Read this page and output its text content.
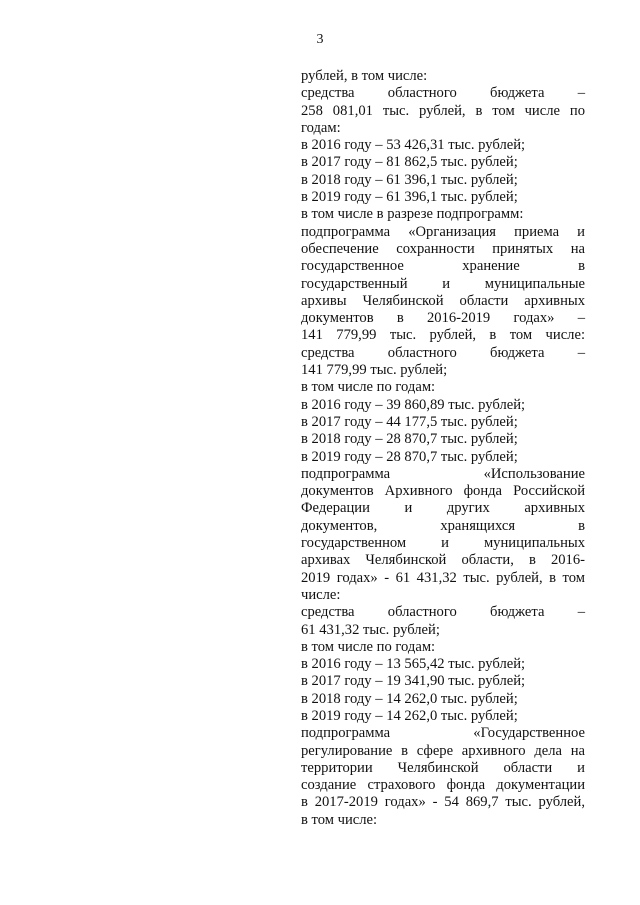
3
рублей, в том числе:
средства областного бюджета –
258 081,01 тыс. рублей, в том числе по
годам:
в 2016 году – 53 426,31 тыс. рублей;
в 2017 году – 81 862,5 тыс. рублей;
в 2018 году – 61 396,1 тыс. рублей;
в 2019 году – 61 396,1 тыс. рублей;
в том числе в разрезе подпрограмм:
подпрограмма «Организация приема и
обеспечение сохранности принятых на
государственное хранение в
государственный и муниципальные
архивы Челябинской области архивных
документов в 2016-2019 годах» –
141 779,99 тыс. рублей, в том числе:
средства областного бюджета –
141 779,99 тыс. рублей;
в том числе по годам:
в 2016 году – 39 860,89 тыс. рублей;
в 2017 году – 44 177,5 тыс. рублей;
в 2018 году – 28 870,7 тыс. рублей;
в 2019 году – 28 870,7 тыс. рублей;
подпрограмма «Использование
документов Архивного фонда Российской
Федерации и других архивных
документов, хранящихся в
государственном и муниципальных
архивах Челябинской области, в 2016-
2019 годах» - 61 431,32 тыс. рублей, в том
числе:
средства областного бюджета –
61 431,32 тыс. рублей;
в том числе по годам:
в 2016 году – 13 565,42 тыс. рублей;
в 2017 году – 19 341,90 тыс. рублей;
в 2018 году – 14 262,0 тыс. рублей;
в 2019 году – 14 262,0 тыс. рублей;
подпрограмма «Государственное
регулирование в сфере архивного дела на
территории Челябинской области и
создание страхового фонда документации
в 2017-2019 годах» - 54 869,7 тыс. рублей,
в том числе:
